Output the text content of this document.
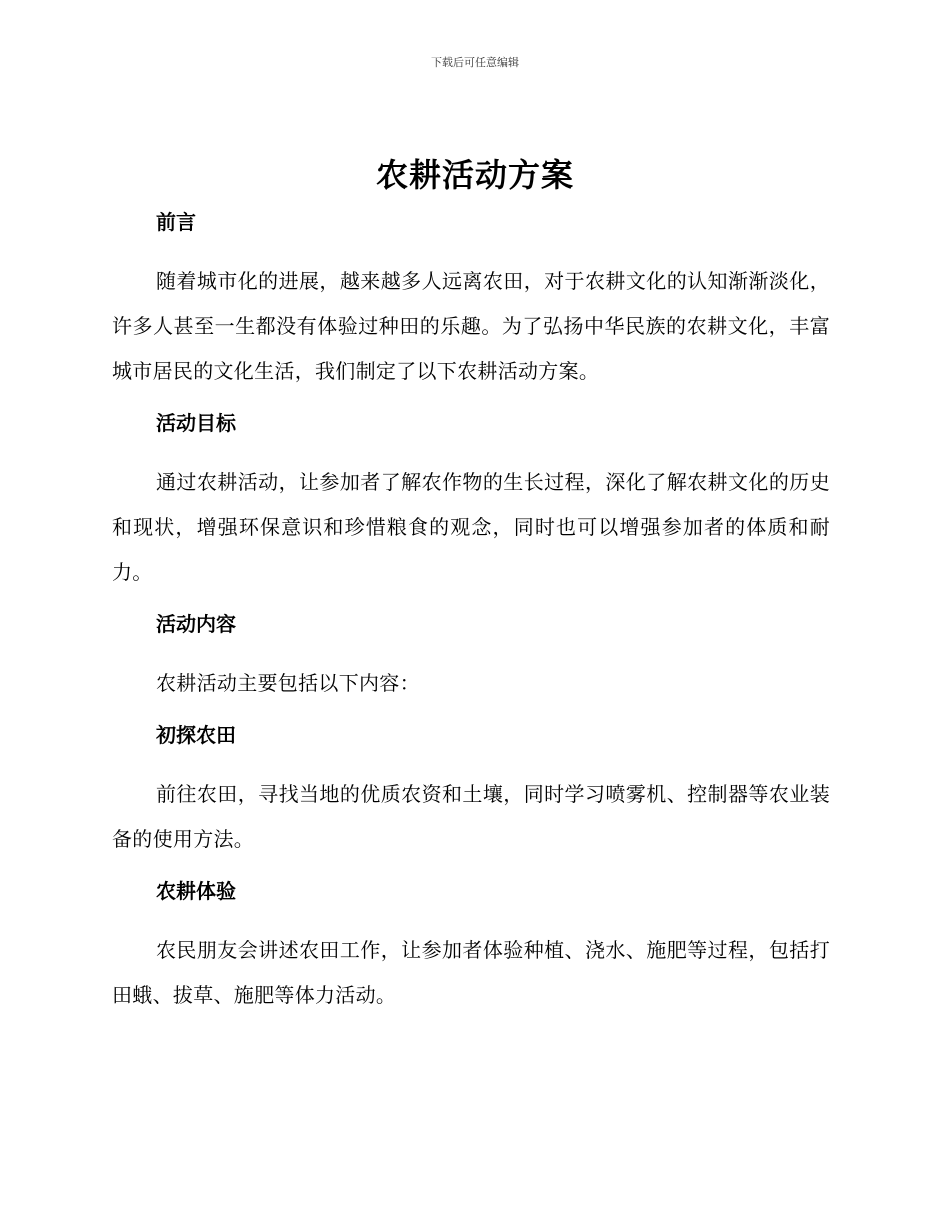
下载后可任意编辑
农耕活动方案
前言

随着城市化的进展，越来越多人远离农田，对于农耕文化的认知渐渐淡化，许多人甚至一生都没有体验过种田的乐趣。为了弘扬中华民族的农耕文化，丰富城市居民的文化生活，我们制定了以下农耕活动方案。

活动目标

通过农耕活动，让参加者了解农作物的生长过程，深化了解农耕文化的历史和现状，增强环保意识和珍惜粮食的观念，同时也可以增强参加者的体质和耐力。

活动内容

农耕活动主要包括以下内容：

初探农田

前往农田，寻找当地的优质农资和土壤，同时学习喷雾机、控制器等农业装备的使用方法。

农耕体验

农民朋友会讲述农田工作，让参加者体验种植、浇水、施肥等过程，包括打田蛾、拔草、施肥等体力活动。
